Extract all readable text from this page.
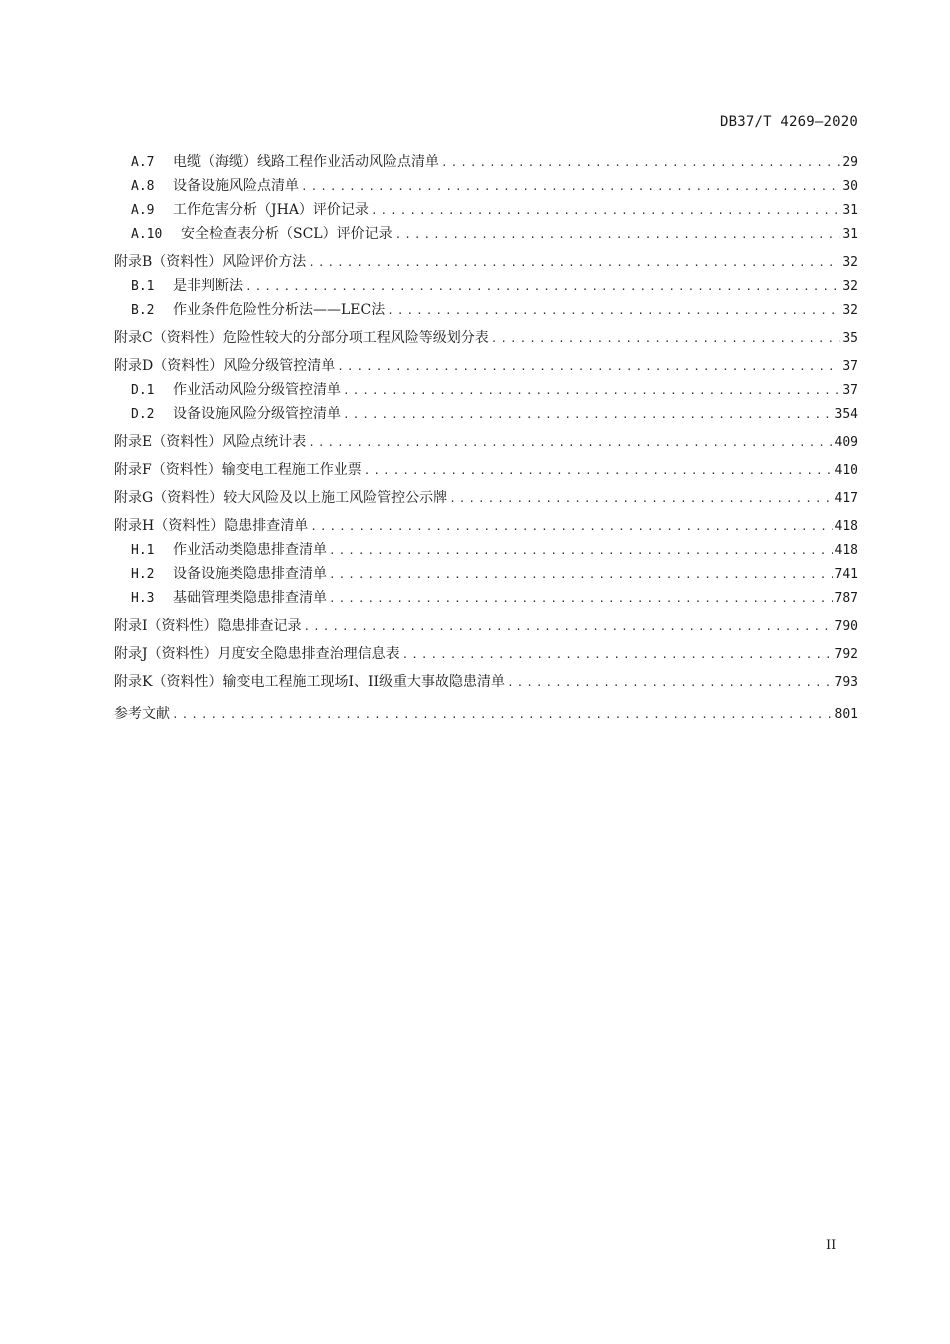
DB37/T 4269—2020
A.7	电缆（海缆）线路工程作业活动风险点清单 .....	29
A.8	设备设施风险点清单 .....	30
A.9	工作危害分析（JHA）评价记录 .....	31
A.10	安全检查表分析（SCL）评价记录 .....	31
附录B（资料性） 风险评价方法 .....	32
B.1	是非判断法 .....	32
B.2	作业条件危险性分析法——LEC法 .....	32
附录C（资料性） 危险性较大的分部分项工程风险等级划分表 .....	35
附录D（资料性） 风险分级管控清单 .....	37
D.1	作业活动风险分级管控清单 .....	37
D.2	设备设施风险分级管控清单 .....	354
附录E（资料性） 风险点统计表 .....	409
附录F（资料性） 输变电工程施工作业票 .....	410
附录G（资料性） 较大风险及以上施工风险管控公示牌 .....	417
附录H（资料性） 隐患排查清单 .....	418
H.1	作业活动类隐患排查清单 .....	418
H.2	设备设施类隐患排查清单 .....	741
H.3	基础管理类隐患排查清单 .....	787
附录I（资料性） 隐患排查记录 .....	790
附录J（资料性） 月度安全隐患排查治理信息表 .....	792
附录K（资料性） 输变电工程施工现场I、II级重大事故隐患清单 .....	793
参考文献 .....	801
II
